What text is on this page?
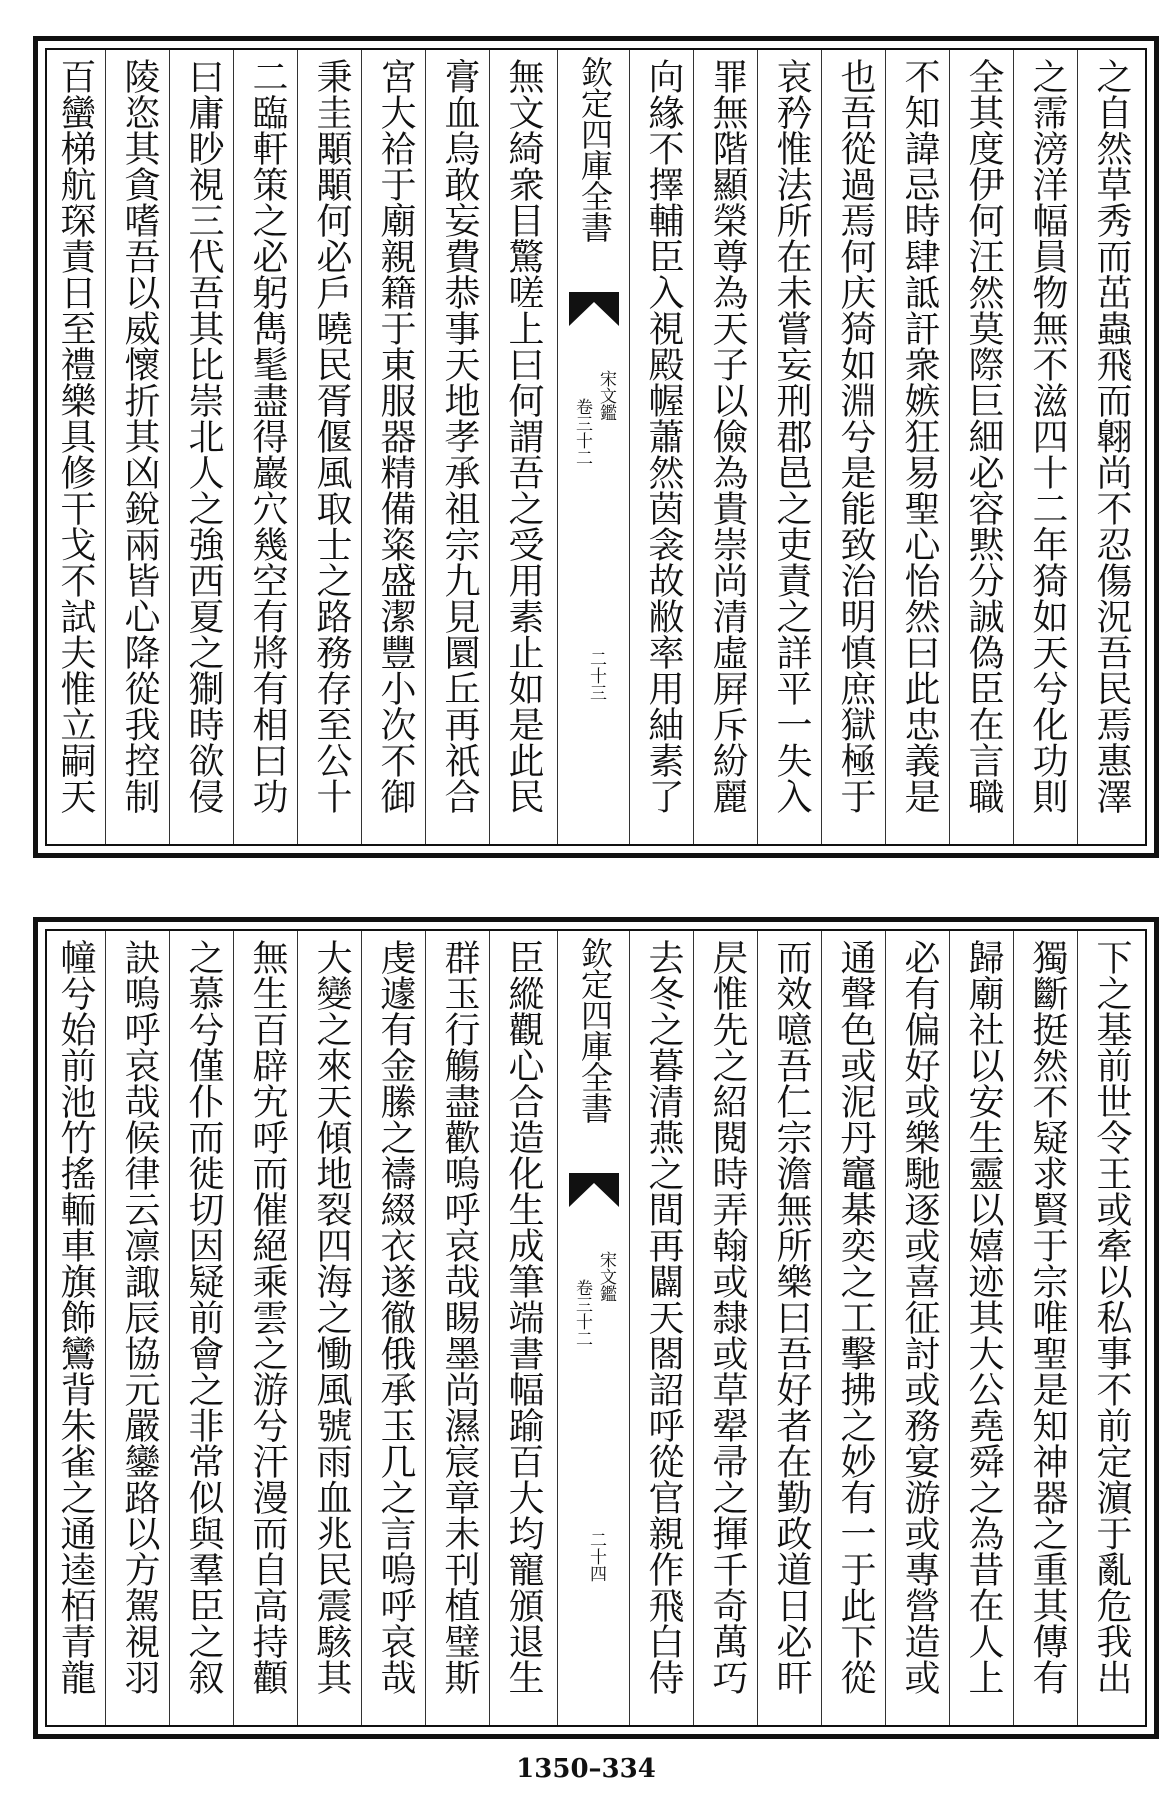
之自然草秀而茁蟲飛而翺尚不忍傷況吾民焉惠澤
之霈滂洋幅員物無不滋四十二年猗如天兮化功則
全其度伊何汪然莫際巨細必容黙分誠偽臣在言職
不知諱忌時肆詆訐衆嫉狂易聖心怡然曰此忠義是
也吾從過焉何庆猗如淵兮是能致治明慎庶獄極于
哀矜惟法所在未嘗妄刑郡邑之吏責之詳平一失入
罪無階顯榮尊為天子以儉為貴崇尚清虛屛斥紛麗
向緣不擇輔臣入視殿幄蕭然茵衾故敝率用紬素了
欽定四庫全書
宋文鑑
卷三十二
二十三
無文綺衆目驚嗟上曰何謂吾之受用素止如是此民
膏血烏敢妄費恭事天地孝承祖宗九見圜丘再祇合
宮大祫于廟親籍于東服器精備粢盛潔豐小次不御
秉圭顒顒何必戶曉民胥偃風取士之路務存至公十
二臨軒策之必躬雋髦盡得巖穴幾空有將有相曰功
曰庸眇視三代吾其比崇北人之強西夏之猘時欲侵
陵恣其貪嗜吾以威懷折其凶銳兩皆心降從我控制
百蠻梯航琛責日至禮樂具修干戈不試夫惟立嗣天
下之基前世令王或牽以私事不前定濵于亂危我出
獨斷挺然不疑求賢于宗唯聖是知神器之重其傳有
歸廟社以安生靈以嬉迹其大公堯舜之為昔在人上
必有偏好或樂馳逐或喜征討或務宴游或專營造或
通聲色或泥丹竈棊奕之工擊拂之妙有一于此下從
而效噫吾仁宗澹無所樂曰吾好者在勤政道日必旰
昃惟先之紹閱時弄翰或隸或草翚帚之揮千奇萬巧
去冬之暮清燕之間再闢天閤詔呼從官親作飛白侍
欽定四庫全書
宋文鑑
卷三十二
二十四
臣縱觀心合造化生成筆端書幅踰百大均寵頒退生
群玉行觴盡歡嗚呼哀哉睗墨尚濕宸章未刊植璧斯
虔遽有金縢之禱綴衣遂徹俄承玉几之言嗚呼哀哉
大變之來天傾地裂四海之慟風號雨血兆民震駭其
無生百辟宄呼而催絕乘雲之游兮汗漫而自高持顴
之慕兮僅仆而徙切因疑前會之非常似與羣臣之叙
訣嗚呼哀哉候律云凛諏辰協元嚴鑾路以方駕視羽
幢兮始前池竹搖輀車旗飾鸞背朱雀之通逵栢青龍
1350–334
